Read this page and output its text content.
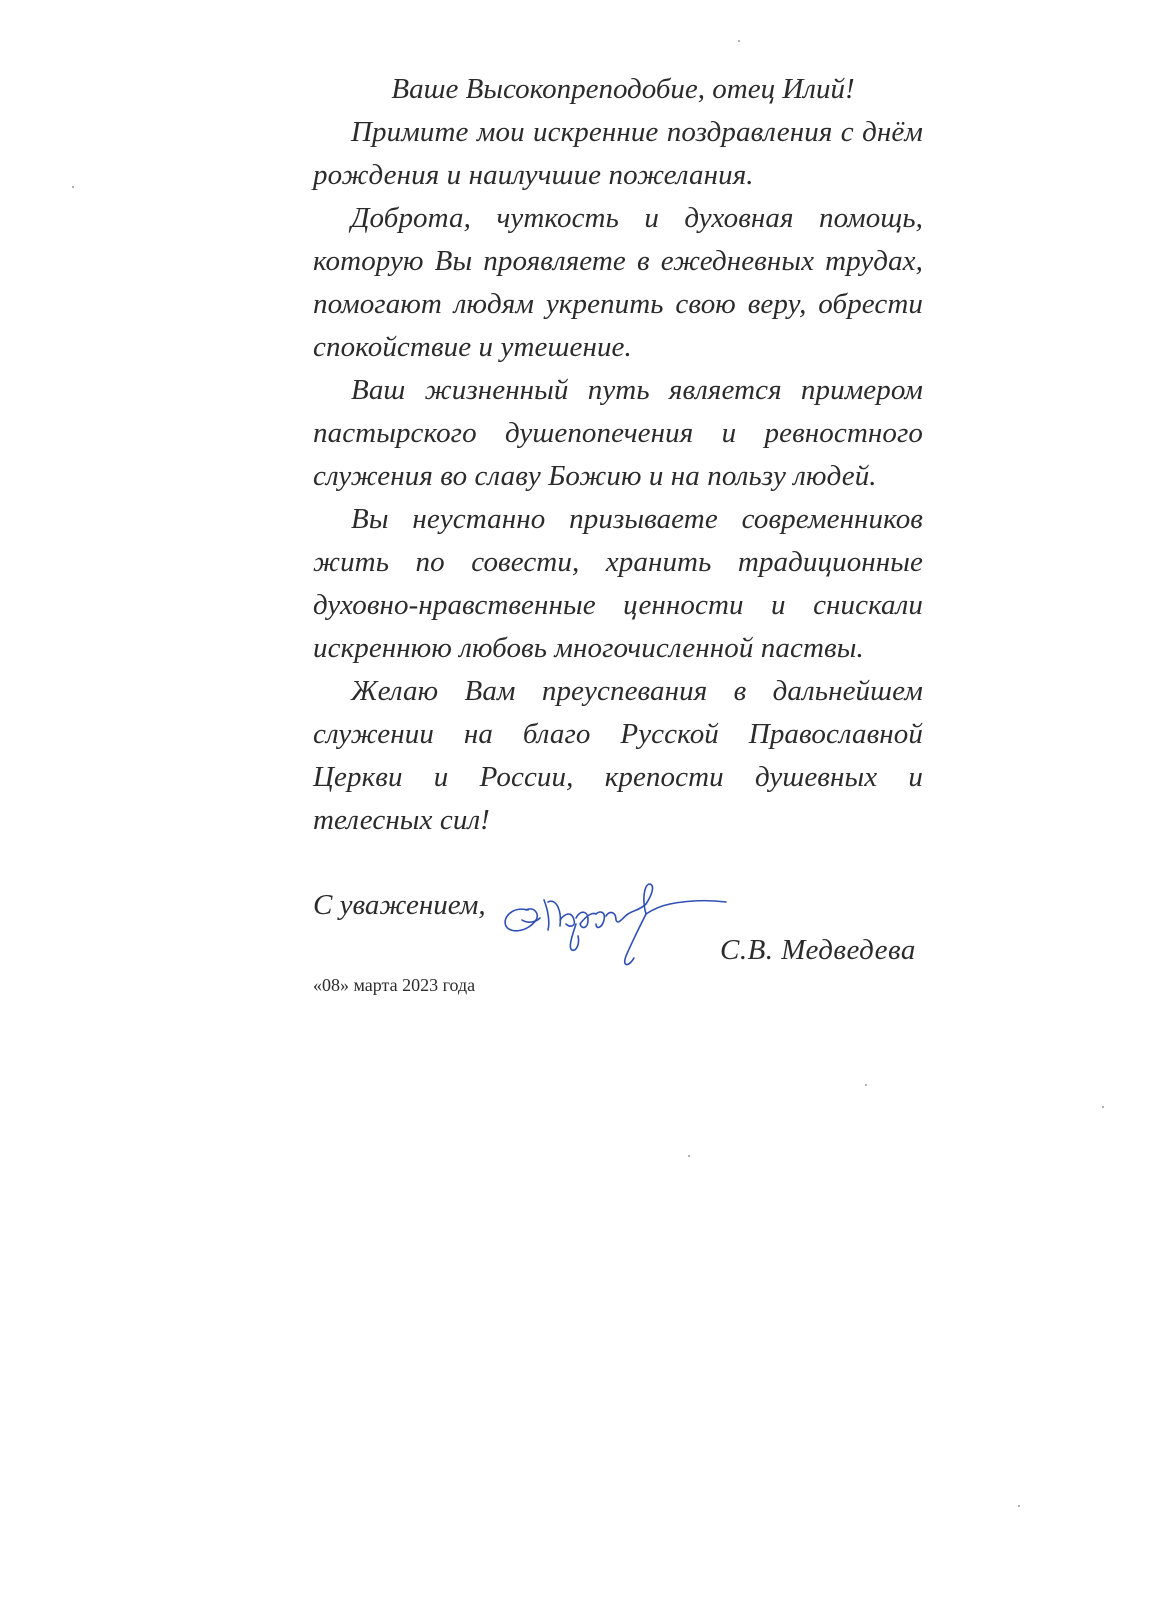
Ваше Высокопреподобие, отец Илий!

Примите мои искренние поздравления с днём рождения и наилучшие пожелания.

Доброта, чуткость и духовная помощь, которую Вы проявляете в ежедневных трудах, помогают людям укрепить свою веру, обрести спокойствие и утешение.

Ваш жизненный путь является примером пастырского душепопечения и ревностного служения во славу Божию и на пользу людей.

Вы неустанно призываете современников жить по совести, хранить традиционные духовно-нравственные ценности и снискали искреннюю любовь многочисленной паствы.

Желаю Вам преуспевания в дальнейшем служении на благо Русской Православной Церкви и России, крепости душевных и телесных сил!

С уважением,
С.В. Медведева
«08» марта 2023 года
